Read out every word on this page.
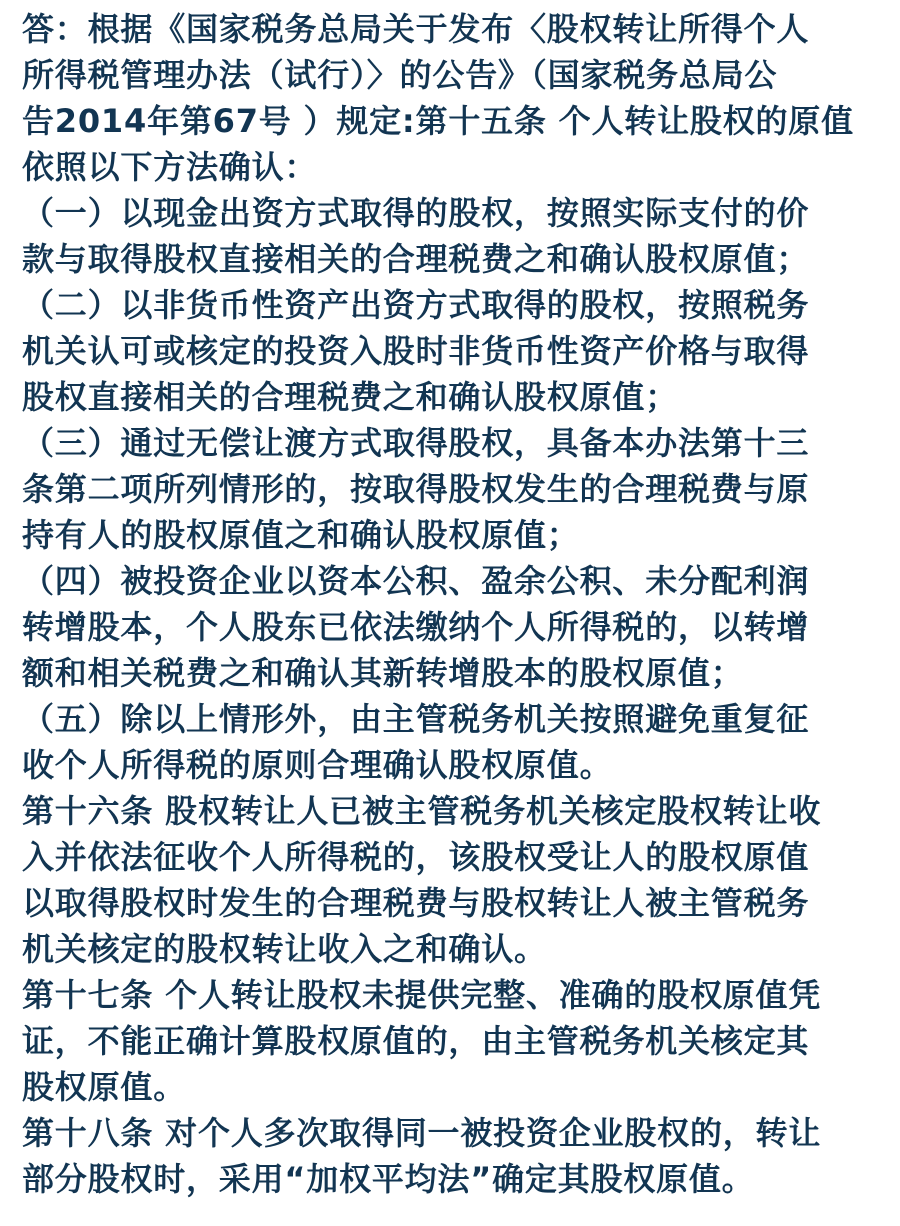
答：根据《国家税务总局关于发布〈股权转让所得个人
所得税管理办法（试行）〉的公告》（国家税务总局公
告2014年第67号 ）规定:第十五条 个人转让股权的原值
依照以下方法确认：
（一）以现金出资方式取得的股权，按照实际支付的价
款与取得股权直接相关的合理税费之和确认股权原值；
（二）以非货币性资产出资方式取得的股权，按照税务
机关认可或核定的投资入股时非货币性资产价格与取得
股权直接相关的合理税费之和确认股权原值；
（三）通过无偿让渡方式取得股权，具备本办法第十三
条第二项所列情形的，按取得股权发生的合理税费与原
持有人的股权原值之和确认股权原值；
（四）被投资企业以资本公积、盈余公积、未分配利润
转增股本，个人股东已依法缴纳个人所得税的，以转增
额和相关税费之和确认其新转增股本的股权原值；
（五）除以上情形外，由主管税务机关按照避免重复征
收个人所得税的原则合理确认股权原值。
第十六条 股权转让人已被主管税务机关核定股权转让收
入并依法征收个人所得税的，该股权受让人的股权原值
以取得股权时发生的合理税费与股权转让人被主管税务
机关核定的股权转让收入之和确认。
第十七条 个人转让股权未提供完整、准确的股权原值凭
证，不能正确计算股权原值的，由主管税务机关核定其
股权原值。
第十八条 对个人多次取得同一被投资企业股权的，转让
部分股权时，采用“加权平均法”确定其股权原值。
